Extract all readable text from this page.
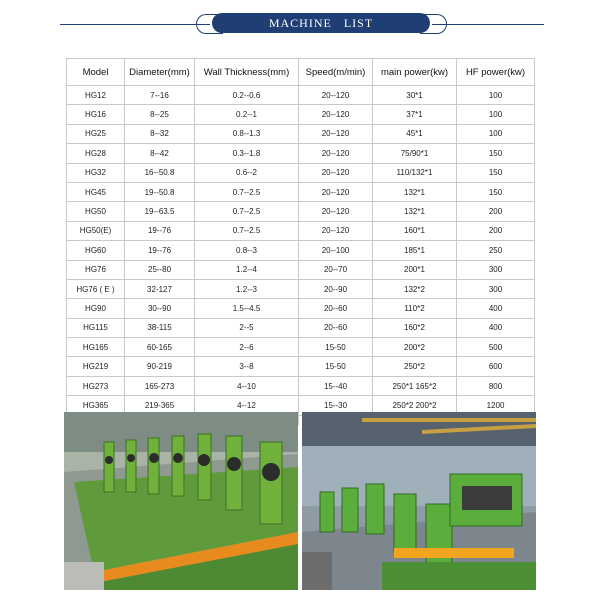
MACHINE   LIST
Model	Diameter(mm)	Wall Thickness(mm)	Speed(m/min)	main power(kw)	HF power(kw)
HG12	7--16	0.2--0.6	20--120	30*1	100
HG16	8--25	0.2--1	20--120	37*1	100
HG25	8--32	0.8--1.3	20--120	45*1	100
HG28	8--42	0.3--1.8	20--120	75/90*1	150
HG32	16--50.8	0.6--2	20--120	110/132*1	150
HG45	19--50.8	0.7--2.5	20--120	132*1	150
HG50	19--63.5	0.7--2.5	20--120	132*1	200
HG50(E)	19--76	0.7--2.5	20--120	160*1	200
HG60	19--76	0.8--3	20--100	185*1	250
HG76	25--80	1.2--4	20--70	200*1	300
HG76 ( E )	32-127	1.2--3	20--90	132*2	300
HG90	30--90	1.5--4.5	20--60	110*2	400
HG115	38-115	2--5	20--60	160*2	400
HG165	60-165	2--6	15-50	200*2	500
HG219	90-219	3--8	15-50	250*2	600
HG273	165-273	4--10	15--40	250*1 165*2	800
HG365	219-365	4--12	15--30	250*2 200*2	1200
